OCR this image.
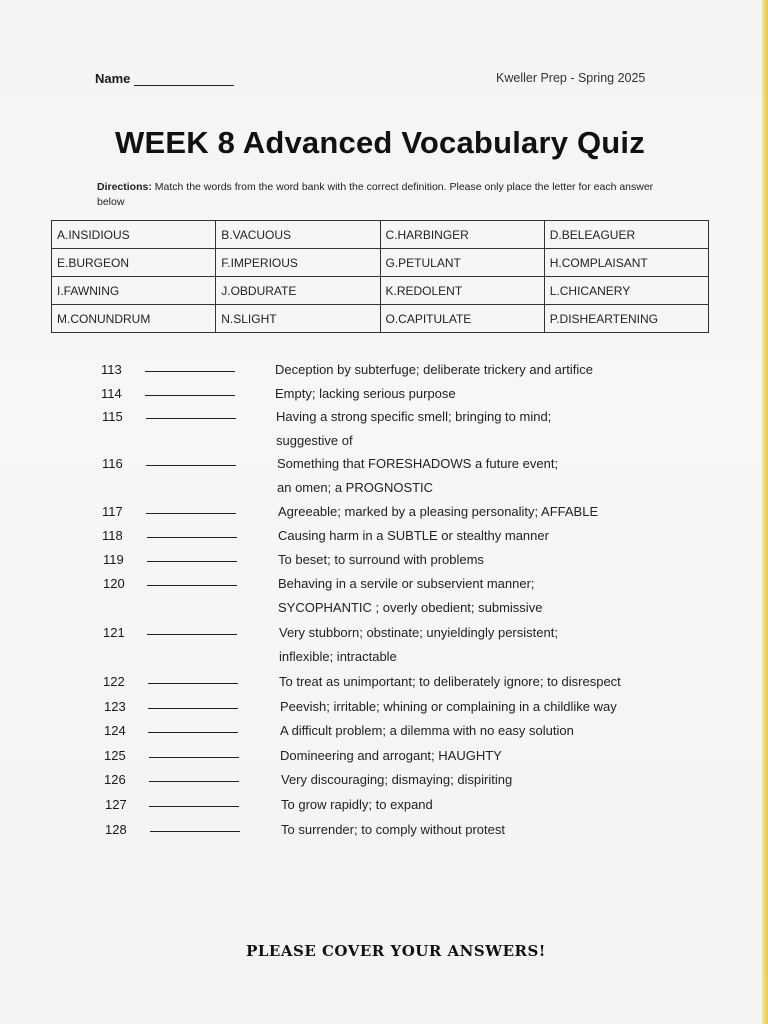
Name	Kweller Prep - Spring 2025
WEEK 8 Advanced Vocabulary Quiz
Directions: Match the words from the word bank with the correct definition. Please only place the letter for each answer below
A.INSIDIOUS	B.VACUOUS	C.HARBINGER	D.BELEAGUER
E.BURGEON	F.IMPERIOUS	G.PETULANT	H.COMPLAISANT
I.FAWNING	J.OBDURATE	K.REDOLENT	L.CHICANERY
M.CONUNDRUM	N.SLIGHT	O.CAPITULATE	P.DISHEARTENING
113	Deception by subterfuge; deliberate trickery and artifice
114	Empty; lacking serious purpose
115	Having a strong specific smell; bringing to mind;
suggestive of
116	Something that FORESHADOWS a future event;
an omen; a PROGNOSTIC
117	Agreeable; marked by a pleasing personality; AFFABLE
118	Causing harm in a SUBTLE or stealthy manner
119	To beset; to surround with problems
120	Behaving in a servile or subservient manner;
SYCOPHANTIC ; overly obedient; submissive
121	Very stubborn; obstinate; unyieldingly persistent;
inflexible; intractable
122	To treat as unimportant; to deliberately ignore; to disrespect
123	Peevish; irritable; whining or complaining in a childlike way
124	A difficult problem; a dilemma with no easy solution
125	Domineering and arrogant; HAUGHTY
126	Very discouraging; dismaying; dispiriting
127	To grow rapidly; to expand
128	To surrender; to comply without protest
PLEASE COVER YOUR ANSWERS!
